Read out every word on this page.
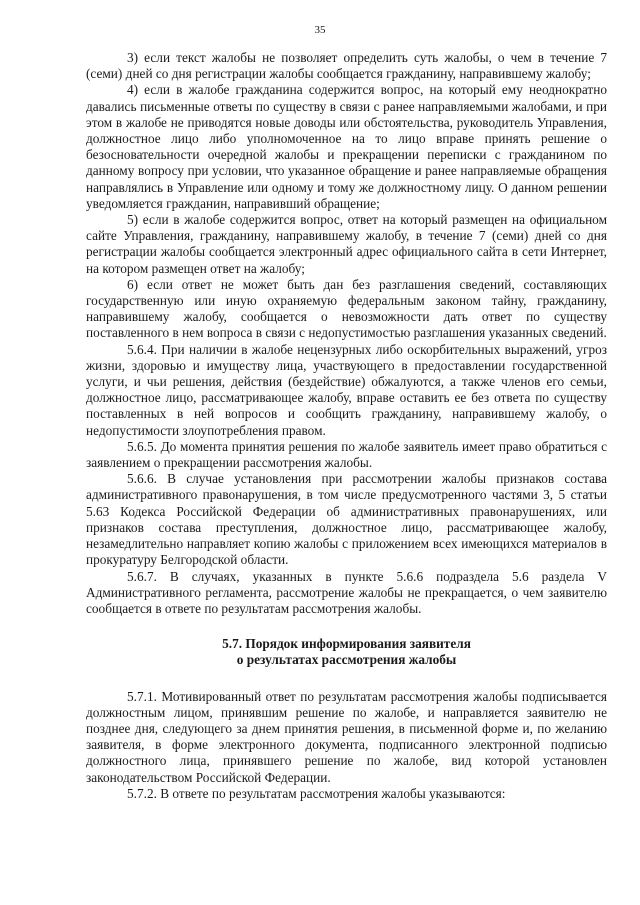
35

3) если текст жалобы не позволяет определить суть жалобы, о чем в течение 7 (семи) дней со дня регистрации жалобы сообщается гражданину, направившему жалобу;

4) если в жалобе гражданина содержится вопрос, на который ему неоднократно давались письменные ответы по существу в связи с ранее направляемыми жалобами, и при этом в жалобе не приводятся новые доводы или обстоятельства, руководитель Управления, должностное лицо либо уполномоченное на то лицо вправе принять решение о безосновательности очередной жалобы и прекращении переписки с гражданином по данному вопросу при условии, что указанное обращение и ранее направляемые обращения направлялись в Управление или одному и тому же должностному лицу. О данном решении уведомляется гражданин, направивший обращение;

5) если в жалобе содержится вопрос, ответ на который размещен на официальном сайте Управления, гражданину, направившему жалобу, в течение 7 (семи) дней со дня регистрации жалобы сообщается электронный адрес официального сайта в сети Интернет, на котором размещен ответ на жалобу;

6) если ответ не может быть дан без разглашения сведений, составляющих государственную или иную охраняемую федеральным законом тайну, гражданину, направившему жалобу, сообщается о невозможности дать ответ по существу поставленного в нем вопроса в связи с недопустимостью разглашения указанных сведений.

5.6.4. При наличии в жалобе нецензурных либо оскорбительных выражений, угроз жизни, здоровью и имуществу лица, участвующего в предоставлении государственной услуги, и чьи решения, действия (бездействие) обжалуются, а также членов его семьи, должностное лицо, рассматривающее жалобу, вправе оставить ее без ответа по существу поставленных в ней вопросов и сообщить гражданину, направившему жалобу, о недопустимости злоупотребления правом.

5.6.5. До момента принятия решения по жалобе заявитель имеет право обратиться с заявлением о прекращении рассмотрения жалобы.

5.6.6. В случае установления при рассмотрении жалобы признаков состава административного правонарушения, в том числе предусмотренного частями 3, 5 статьи 5.63 Кодекса Российской Федерации об административных правонарушениях, или признаков состава преступления, должностное лицо, рассматривающее жалобу, незамедлительно направляет копию жалобы с приложением всех имеющихся материалов в прокуратуру Белгородской области.

5.6.7. В случаях, указанных в пункте 5.6.6 подраздела 5.6 раздела V Административного регламента, рассмотрение жалобы не прекращается, о чем заявителю сообщается в ответе по результатам рассмотрения жалобы.

5.7. Порядок информирования заявителя
о результатах рассмотрения жалобы

5.7.1. Мотивированный ответ по результатам рассмотрения жалобы подписывается должностным лицом, принявшим решение по жалобе, и направляется заявителю не позднее дня, следующего за днем принятия решения, в письменной форме и, по желанию заявителя, в форме электронного документа, подписанного электронной подписью должностного лица, принявшего решение по жалобе, вид которой установлен законодательством Российской Федерации.

5.7.2. В ответе по результатам рассмотрения жалобы указываются:
